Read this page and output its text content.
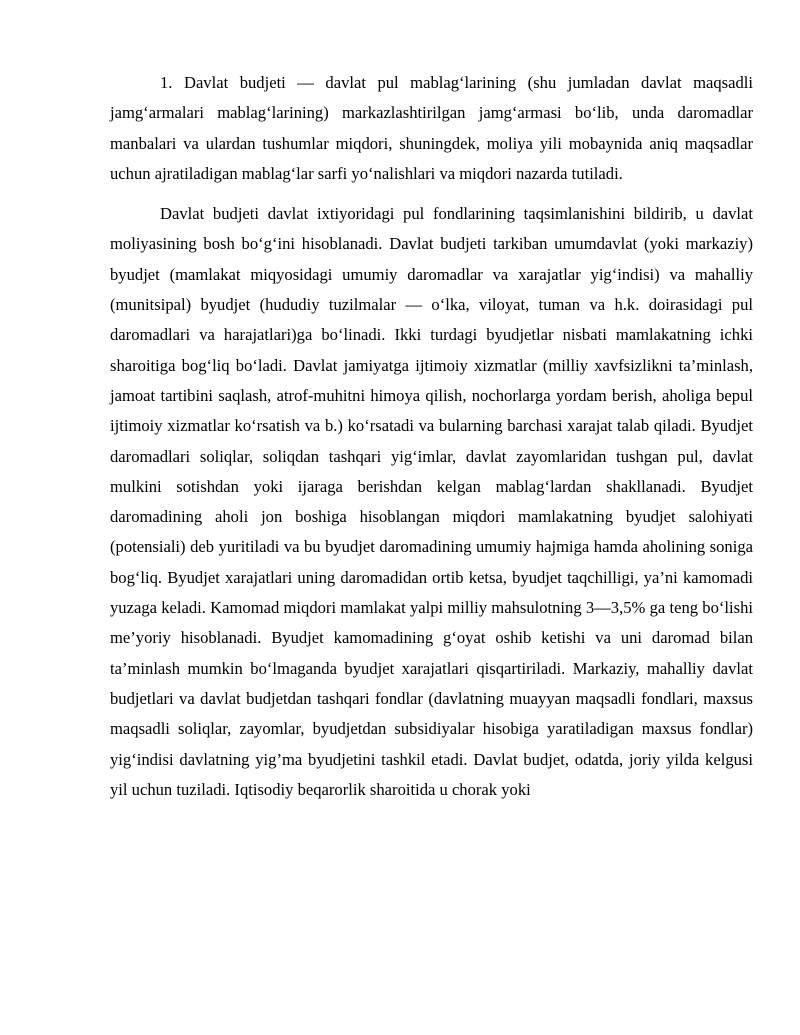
1. Davlat budjeti — davlat pul mablag‘larining (shu jumladan davlat maqsadli jamg‘armalari mablag‘larining) markazlashtirilgan jamg‘armasi bo‘lib, unda daromadlar manbalari va ulardan tushumlar miqdori, shuningdek, moliya yili mobaynida aniq maqsadlar uchun ajratiladigan mablag‘lar sarfi yo‘nalishlari va miqdori nazarda tutiladi.

Davlat budjeti davlat ixtiyoridagi pul fondlarining taqsimlanishini bildirib, u davlat moliyasining bosh bo‘g‘ini hisoblanadi. Davlat budjeti tarkiban umumdavlat (yoki markaziy) byudjet (mamlakat miqyosidagi umumiy daromadlar va xarajatlar yig‘indisi) va mahalliy (munitsipal) byudjet (hududiy tuzilmalar — o‘lka, viloyat, tuman va h.k. doirasidagi pul daromadlari va harajatlari)ga bo‘linadi. Ikki turdagi byudjetlar nisbati mamlakatning ichki sharoitiga bog‘liq bo‘ladi. Davlat jamiyatga ijtimoiy xizmatlar (milliy xavfsizlikni ta’minlash, jamoat tartibini saqlash, atrof-muhitni himoya qilish, nochorlarga yordam berish, aholiga bepul ijtimoiy xizmatlar ko‘rsatish va b.) ko‘rsatadi va bularning barchasi xarajat talab qiladi. Byudjet daromadlari soliqlar, soliqdan tashqari yig‘imlar, davlat zayomlaridan tushgan pul, davlat mulkini sotishdan yoki ijaraga berishdan kelgan mablag‘lardan shakllanadi. Byudjet daromadining aholi jon boshiga hisoblangan miqdori mamlakatning byudjet salohiyati (potensiali) deb yuritiladi va bu byudjet daromadining umumiy hajmiga hamda aholining soniga bog‘liq. Byudjet xarajatlari uning daromadidan ortib ketsa, byudjet taqchilligi, ya’ni kamomadi yuzaga keladi. Kamomad miqdori mamlakat yalpi milliy mahsulotning 3—3,5% ga teng bo‘lishi me’yoriy hisoblanadi. Byudjet kamomadining g‘oyat oshib ketishi va uni daromad bilan ta’minlash mumkin bo‘lmaganda byudjet xarajatlari qisqartiriladi. Markaziy, mahalliy davlat budjetlari va davlat budjetdan tashqari fondlar (davlatning muayyan maqsadli fondlari, maxsus maqsadli soliqlar, zayomlar, byudjetdan subsidiyalar hisobiga yaratiladigan maxsus fondlar) yig‘indisi davlatning yig’ma byudjetini tashkil etadi. Davlat budjet, odatda, joriy yilda kelgusi yil uchun tuziladi. Iqtisodiy beqarorlik sharoitida u chorak yoki
